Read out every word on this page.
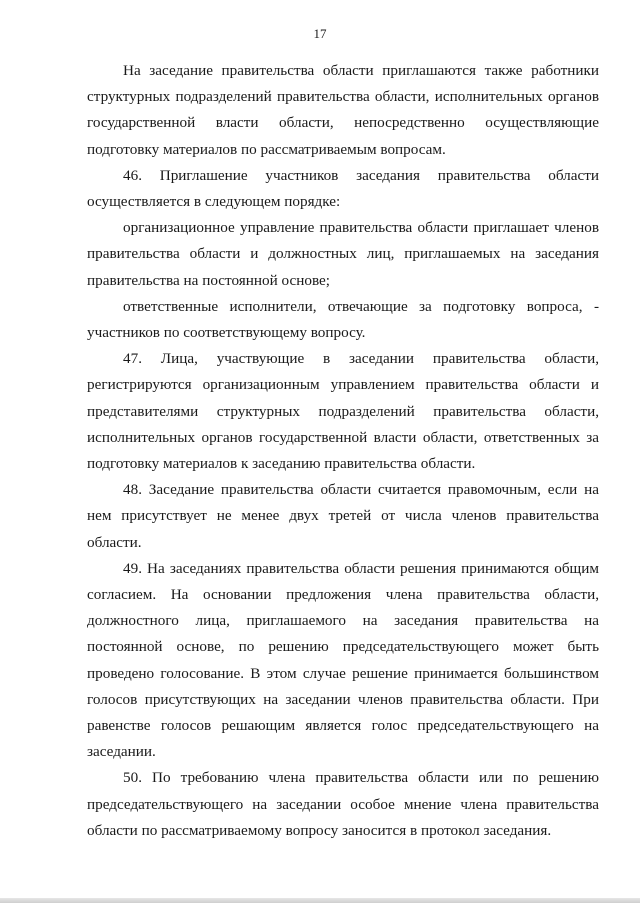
17

На заседание правительства области приглашаются также работники структурных подразделений правительства области, исполнительных органов государственной власти области, непосредственно осуществляющие подготовку материалов по рассматриваемым вопросам.

46. Приглашение участников заседания правительства области осуществляется в следующем порядке:

организационное управление правительства области приглашает членов правительства области и должностных лиц, приглашаемых на заседания правительства на постоянной основе;

ответственные исполнители, отвечающие за подготовку вопроса, - участников по соответствующему вопросу.

47. Лица, участвующие в заседании правительства области, регистрируются организационным управлением правительства области и представителями структурных подразделений правительства области, исполнительных органов государственной власти области, ответственных за подготовку материалов к заседанию правительства области.

48. Заседание правительства области считается правомочным, если на нем присутствует не менее двух третей от числа членов правительства области.

49. На заседаниях правительства области решения принимаются общим согласием. На основании предложения члена правительства области, должностного лица, приглашаемого на заседания правительства на постоянной основе, по решению председательствующего может быть проведено голосование. В этом случае решение принимается большинством голосов присутствующих на заседании членов правительства области. При равенстве голосов решающим является голос председательствующего на заседании.

50. По требованию члена правительства области или по решению председательствующего на заседании особое мнение члена правительства области по рассматриваемому вопросу заносится в протокол заседания.
